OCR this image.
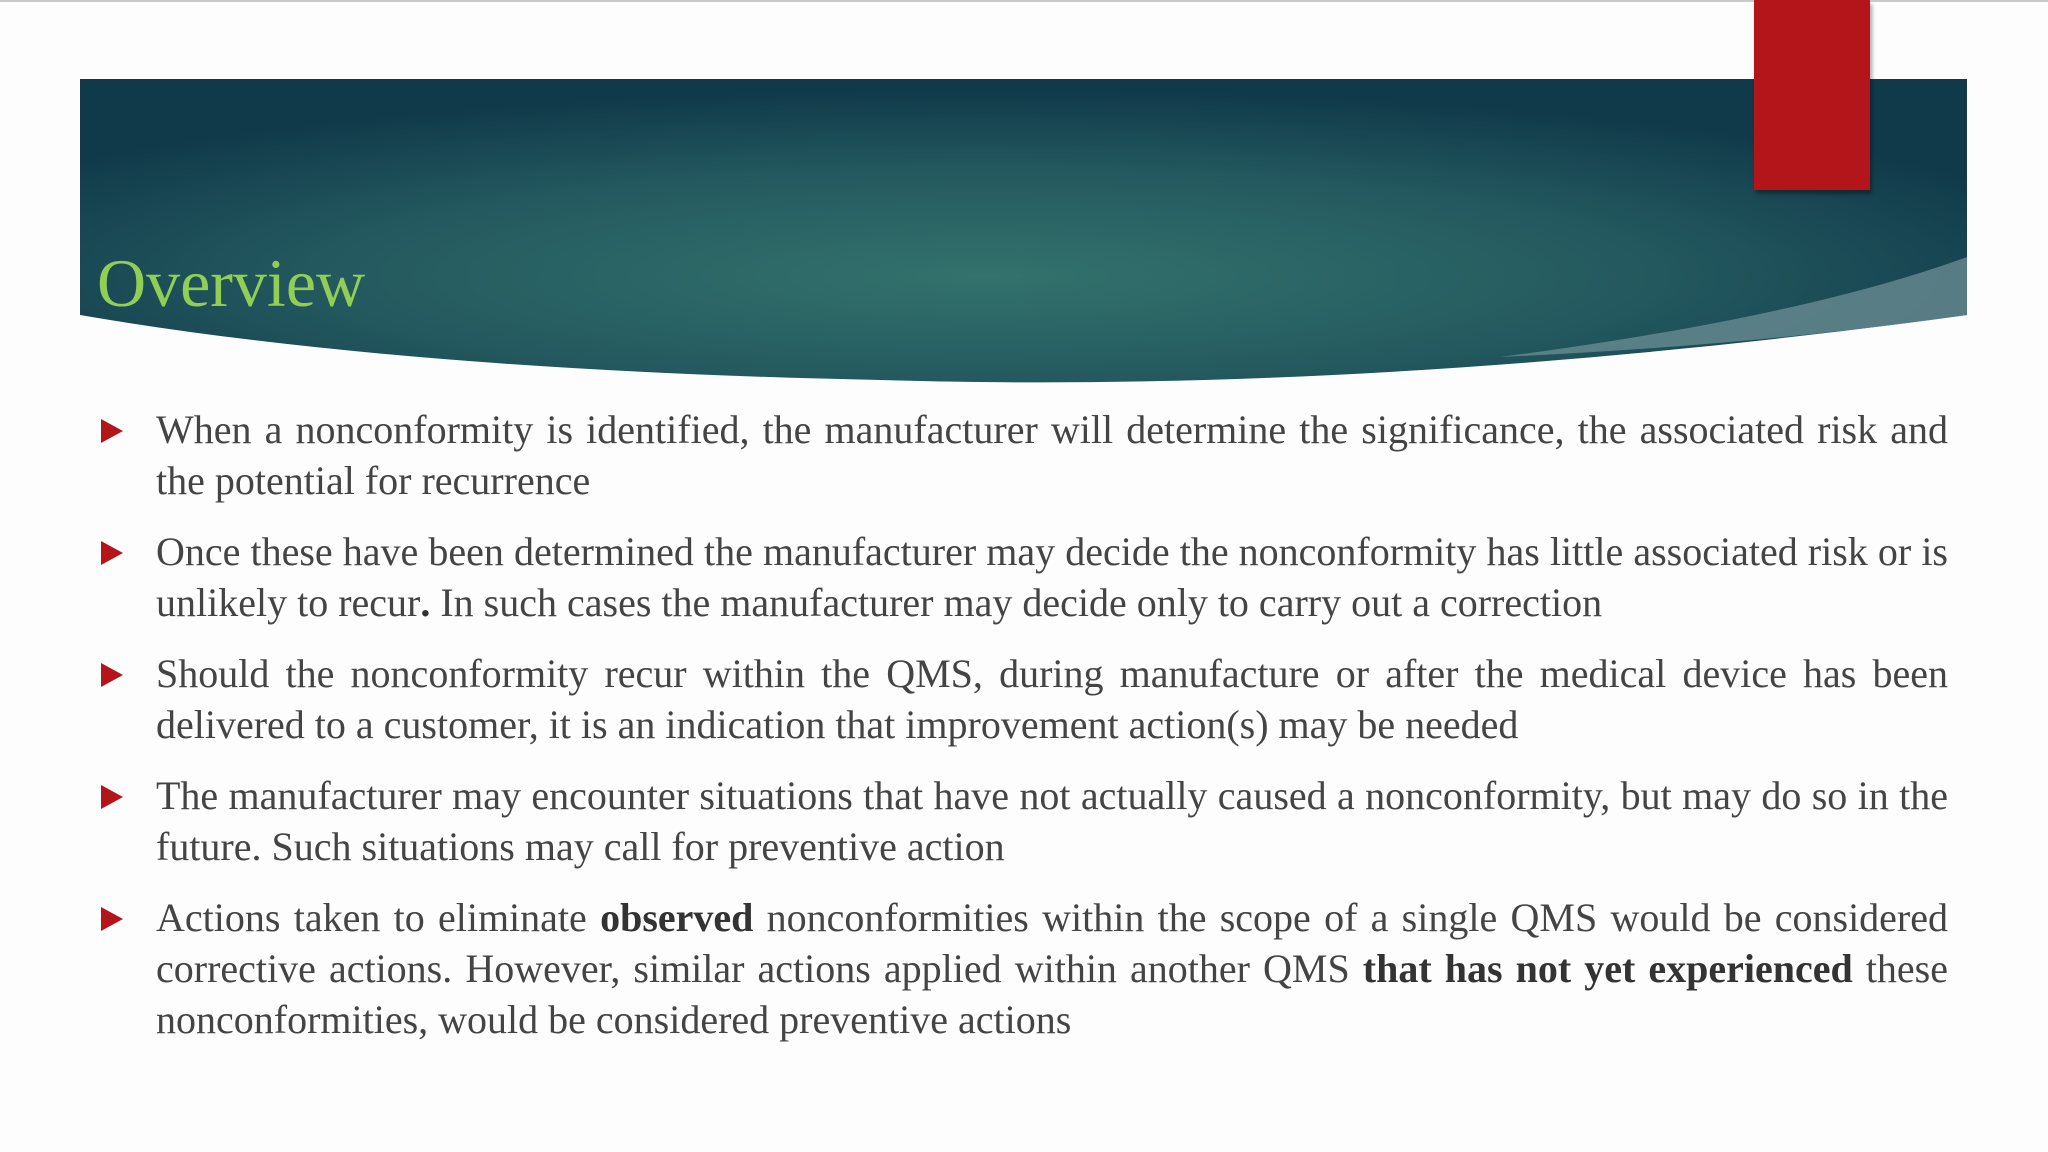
Overview
When a nonconformity is identified, the manufacturer will determine the significance, the associated risk and the potential for recurrence
Once these have been determined the manufacturer may decide the nonconformity has little associated risk or is unlikely to recur. In such cases the manufacturer may decide only to carry out a correction
Should the nonconformity recur within the QMS, during manufacture or after the medical device has been delivered to a customer, it is an indication that improvement action(s) may be needed
The manufacturer may encounter situations that have not actually caused a nonconformity, but may do so in the future. Such situations may call for preventive action
Actions taken to eliminate observed nonconformities within the scope of a single QMS would be considered corrective actions. However, similar actions applied within another QMS that has not yet experienced these nonconformities, would be considered preventive actions
